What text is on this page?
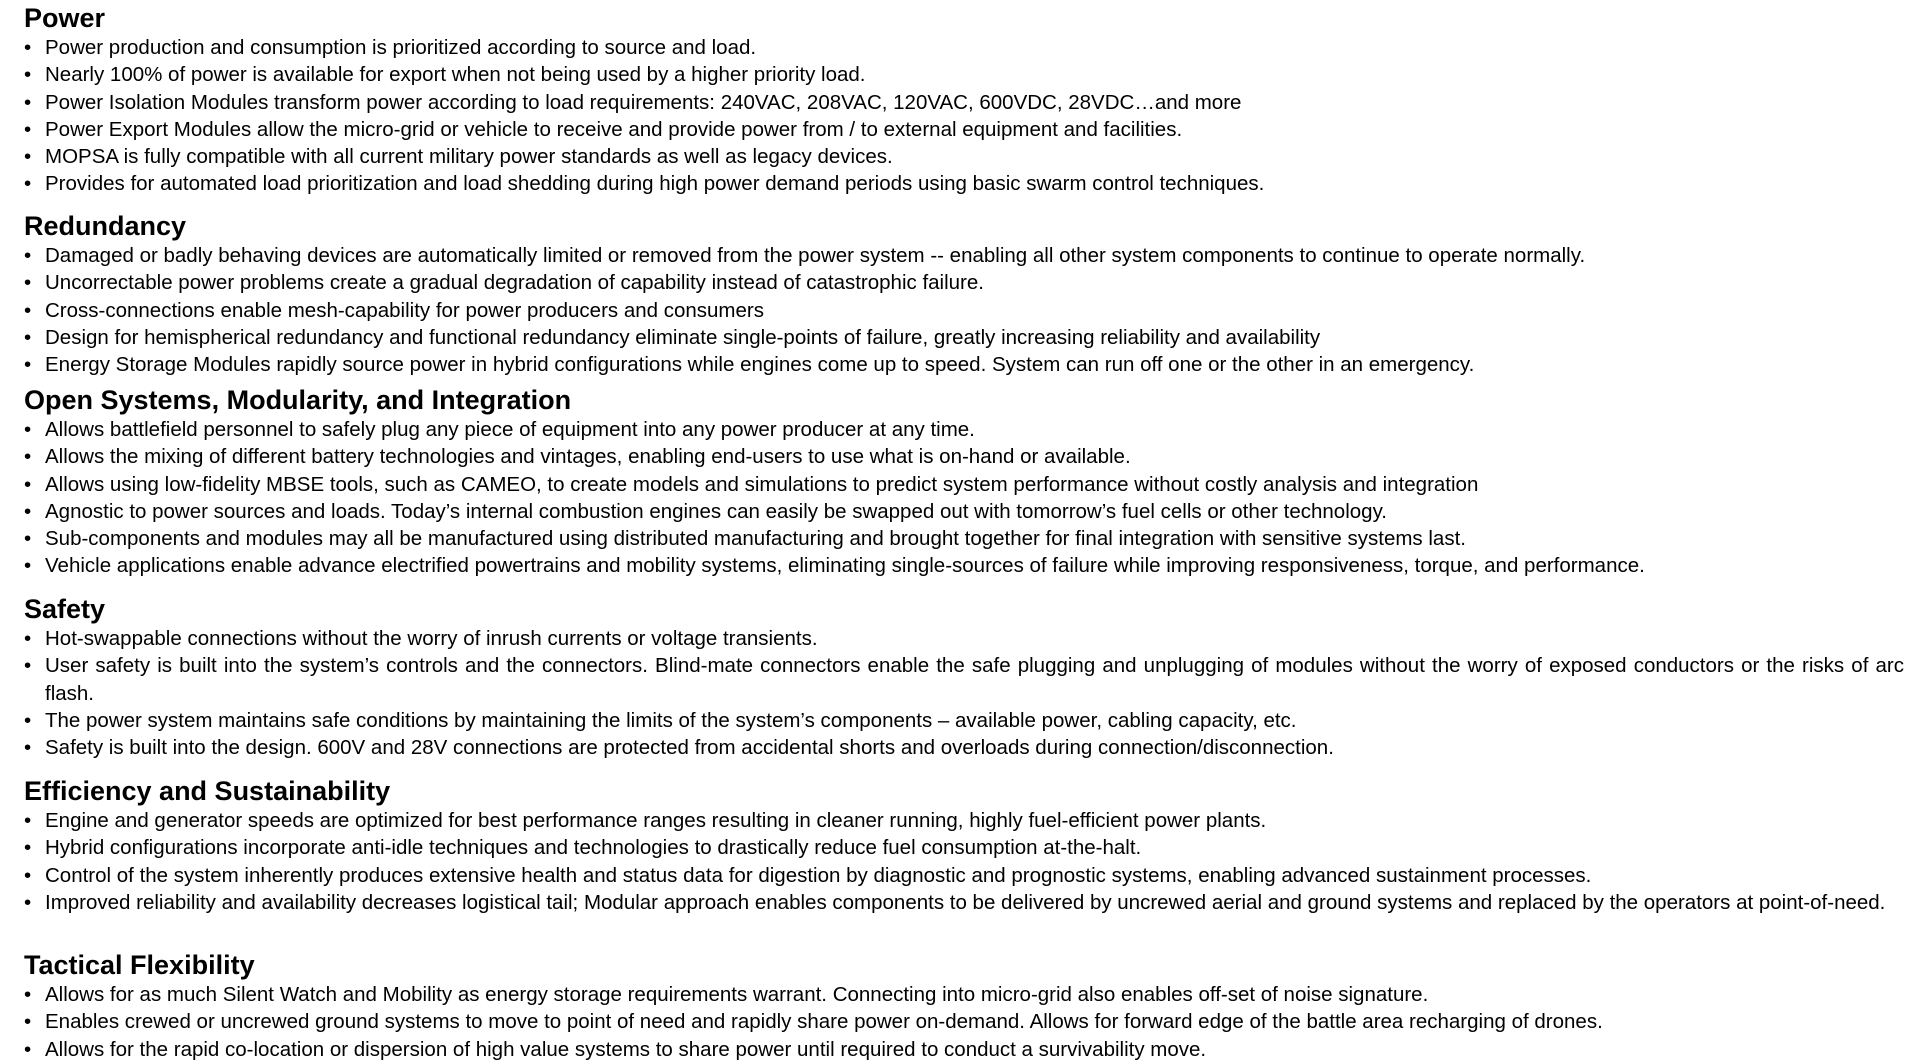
Power
• Power production and consumption is prioritized according to source and load.
• Nearly 100% of power is available for export when not being used by a higher priority load.
• Power Isolation Modules transform power according to load requirements: 240VAC, 208VAC, 120VAC, 600VDC, 28VDC…and more
• Power Export Modules allow the micro-grid or vehicle to receive and provide power from / to external equipment and facilities.
• MOPSA is fully compatible with all current military power standards as well as legacy devices.
• Provides for automated load prioritization and load shedding during high power demand periods using basic swarm control techniques.
Redundancy
• Damaged or badly behaving devices are automatically limited or removed from the power system -- enabling all other system components to continue to operate normally.
• Uncorrectable power problems create a gradual degradation of capability instead of catastrophic failure.
• Cross-connections enable mesh-capability for power producers and consumers
• Design for hemispherical redundancy and functional redundancy eliminate single-points of failure, greatly increasing reliability and availability
• Energy Storage Modules rapidly source power in hybrid configurations while engines come up to speed. System can run off one or the other in an emergency.
Open Systems, Modularity, and Integration
• Allows battlefield personnel to safely plug any piece of equipment into any power producer at any time.
• Allows the mixing of different battery technologies and vintages, enabling end-users to use what is on-hand or available.
• Allows using low-fidelity MBSE tools, such as CAMEO, to create models and simulations to predict system performance without costly analysis and integration
• Agnostic to power sources and loads. Today’s internal combustion engines can easily be swapped out with tomorrow’s fuel cells or other technology.
• Sub-components and modules may all be manufactured using distributed manufacturing and brought together for final integration with sensitive systems last.
• Vehicle applications enable advance electrified powertrains and mobility systems, eliminating single-sources of failure while improving responsiveness, torque, and performance.
Safety
• Hot-swappable connections without the worry of inrush currents or voltage transients.
• User safety is built into the system’s controls and the connectors. Blind-mate connectors enable the safe plugging and unplugging of modules without the worry of exposed conductors or the risks of arc flash.
• The power system maintains safe conditions by maintaining the limits of the system’s components – available power, cabling capacity, etc.
• Safety is built into the design. 600V and 28V connections are protected from accidental shorts and overloads during connection/disconnection.
Efficiency and Sustainability
• Engine and generator speeds are optimized for best performance ranges resulting in cleaner running, highly fuel-efficient power plants.
• Hybrid configurations incorporate anti-idle techniques and technologies to drastically reduce fuel consumption at-the-halt.
• Control of the system inherently produces extensive health and status data for digestion by diagnostic and prognostic systems, enabling advanced sustainment processes.
• Improved reliability and availability decreases logistical tail; Modular approach enables components to be delivered by uncrewed aerial and ground systems and replaced by the operators at point-of-need.
Tactical Flexibility
• Allows for as much Silent Watch and Mobility as energy storage requirements warrant. Connecting into micro-grid also enables off-set of noise signature.
• Enables crewed or uncrewed ground systems to move to point of need and rapidly share power on-demand. Allows for forward edge of the battle area recharging of drones.
• Allows for the rapid co-location or dispersion of high value systems to share power until required to conduct a survivability move.
